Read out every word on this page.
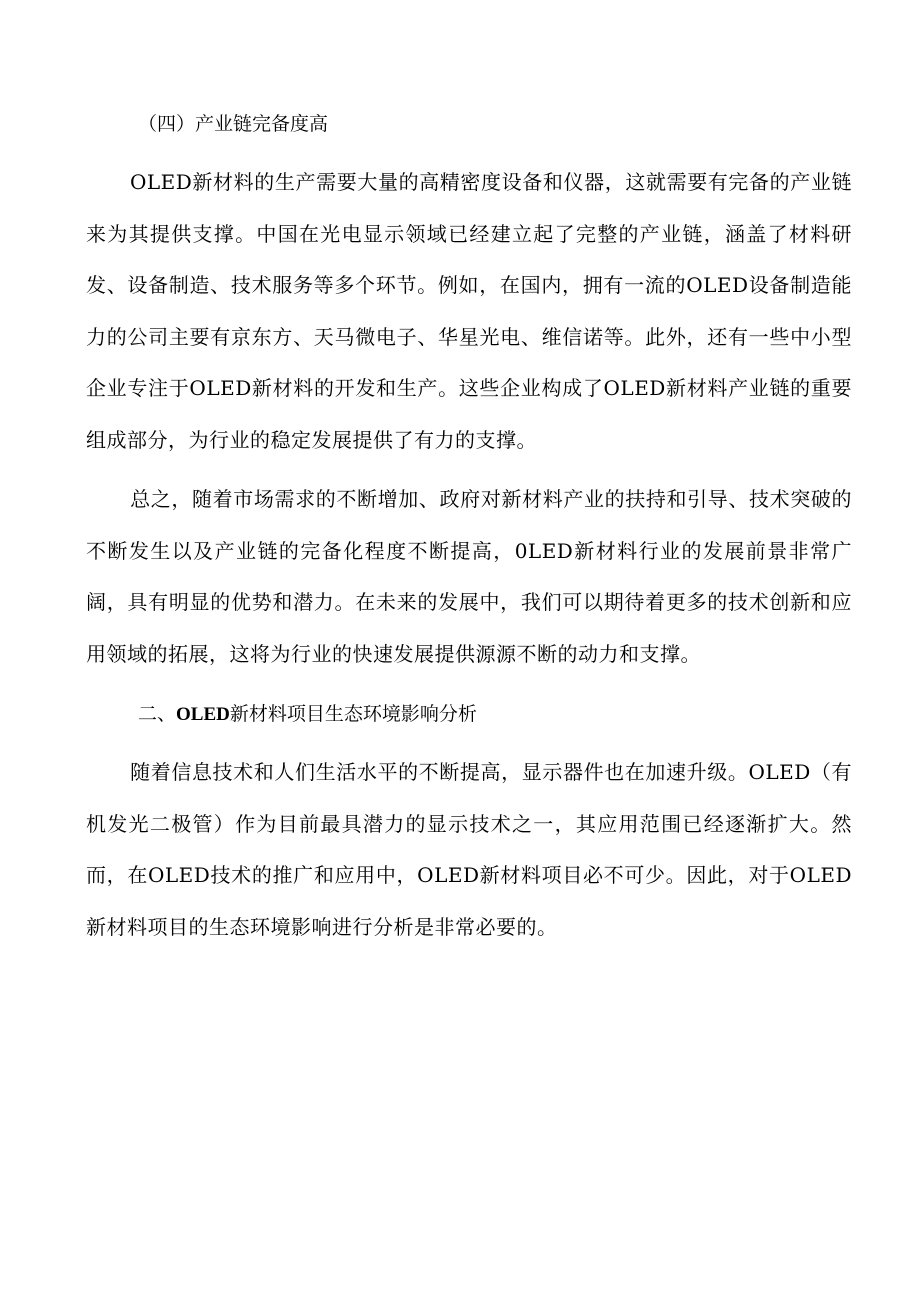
（四）产业链完备度高

OLED新材料的生产需要大量的高精密度设备和仪器，这就需要有完备的产业链来为其提供支撑。中国在光电显示领域已经建立起了完整的产业链，涵盖了材料研发、设备制造、技术服务等多个环节。例如，在国内，拥有一流的OLED设备制造能力的公司主要有京东方、天马微电子、华星光电、维信诺等。此外，还有一些中小型企业专注于OLED新材料的开发和生产。这些企业构成了OLED新材料产业链的重要组成部分，为行业的稳定发展提供了有力的支撑。

总之，随着市场需求的不断增加、政府对新材料产业的扶持和引导、技术突破的不断发生以及产业链的完备化程度不断提高，0LED新材料行业的发展前景非常广阔，具有明显的优势和潜力。在未来的发展中，我们可以期待着更多的技术创新和应用领域的拓展，这将为行业的快速发展提供源源不断的动力和支撑。

二、OLED新材料项目生态环境影响分析

随着信息技术和人们生活水平的不断提高，显示器件也在加速升级。OLED（有机发光二极管）作为目前最具潜力的显示技术之一，其应用范围已经逐渐扩大。然而，在OLED技术的推广和应用中，OLED新材料项目必不可少。因此，对于OLED新材料项目的生态环境影响进行分析是非常必要的。
